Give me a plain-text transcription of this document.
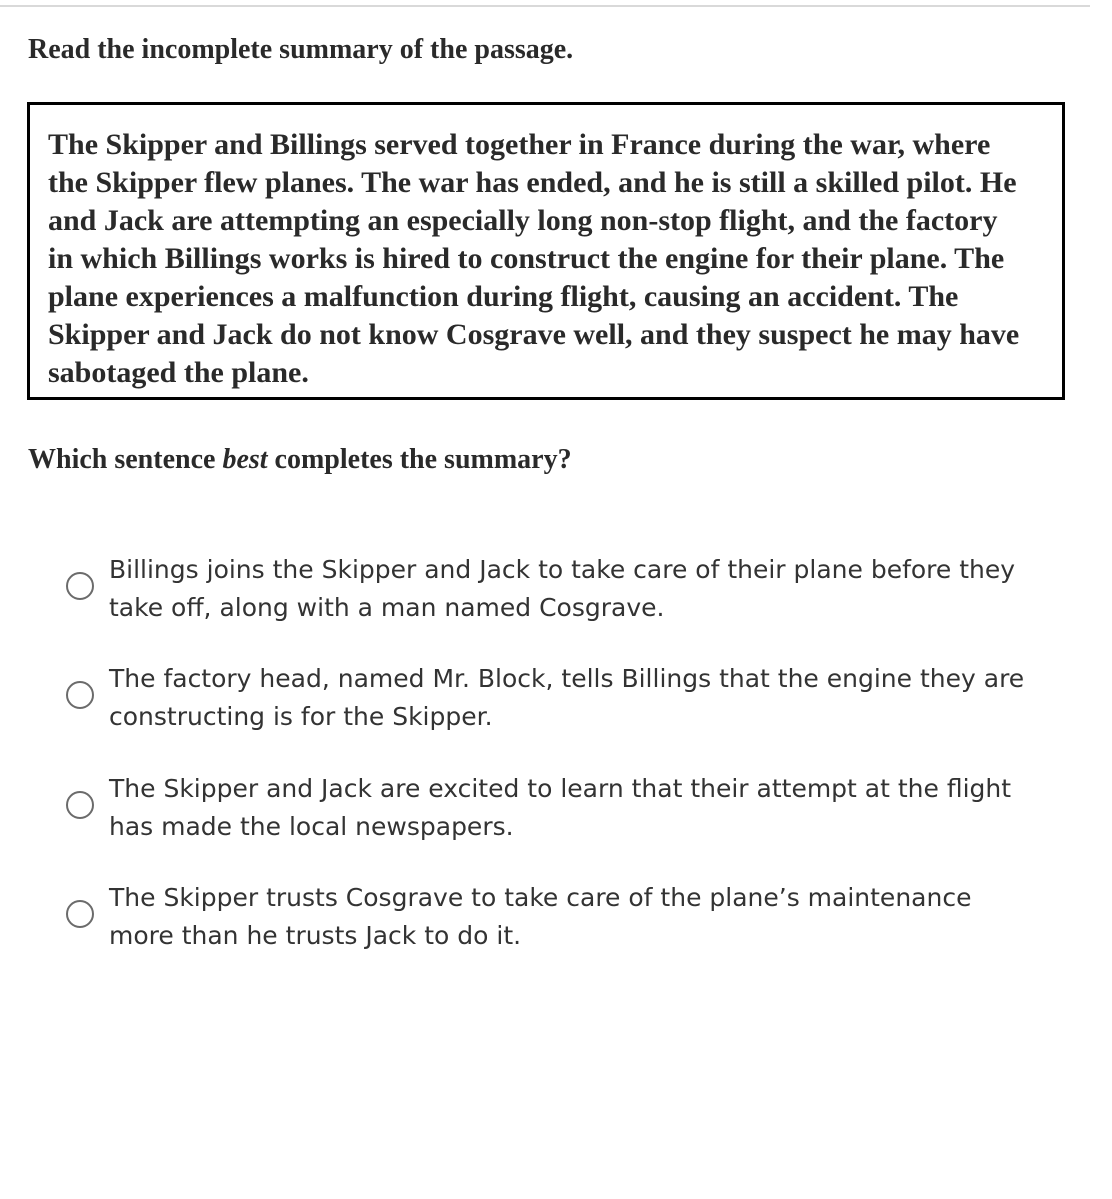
Read the incomplete summary of the passage.

The Skipper and Billings served together in France during the war, where the Skipper flew planes. The war has ended, and he is still a skilled pilot. He and Jack are attempting an especially long non-stop flight, and the factory in which Billings works is hired to construct the engine for their plane. The plane experiences a malfunction during flight, causing an accident. The Skipper and Jack do not know Cosgrave well, and they suspect he may have sabotaged the plane.

Which sentence best completes the summary?

Billings joins the Skipper and Jack to take care of their plane before they take off, along with a man named Cosgrave.
The factory head, named Mr. Block, tells Billings that the engine they are constructing is for the Skipper.
The Skipper and Jack are excited to learn that their attempt at the flight has made the local newspapers.
The Skipper trusts Cosgrave to take care of the plane’s maintenance more than he trusts Jack to do it.
